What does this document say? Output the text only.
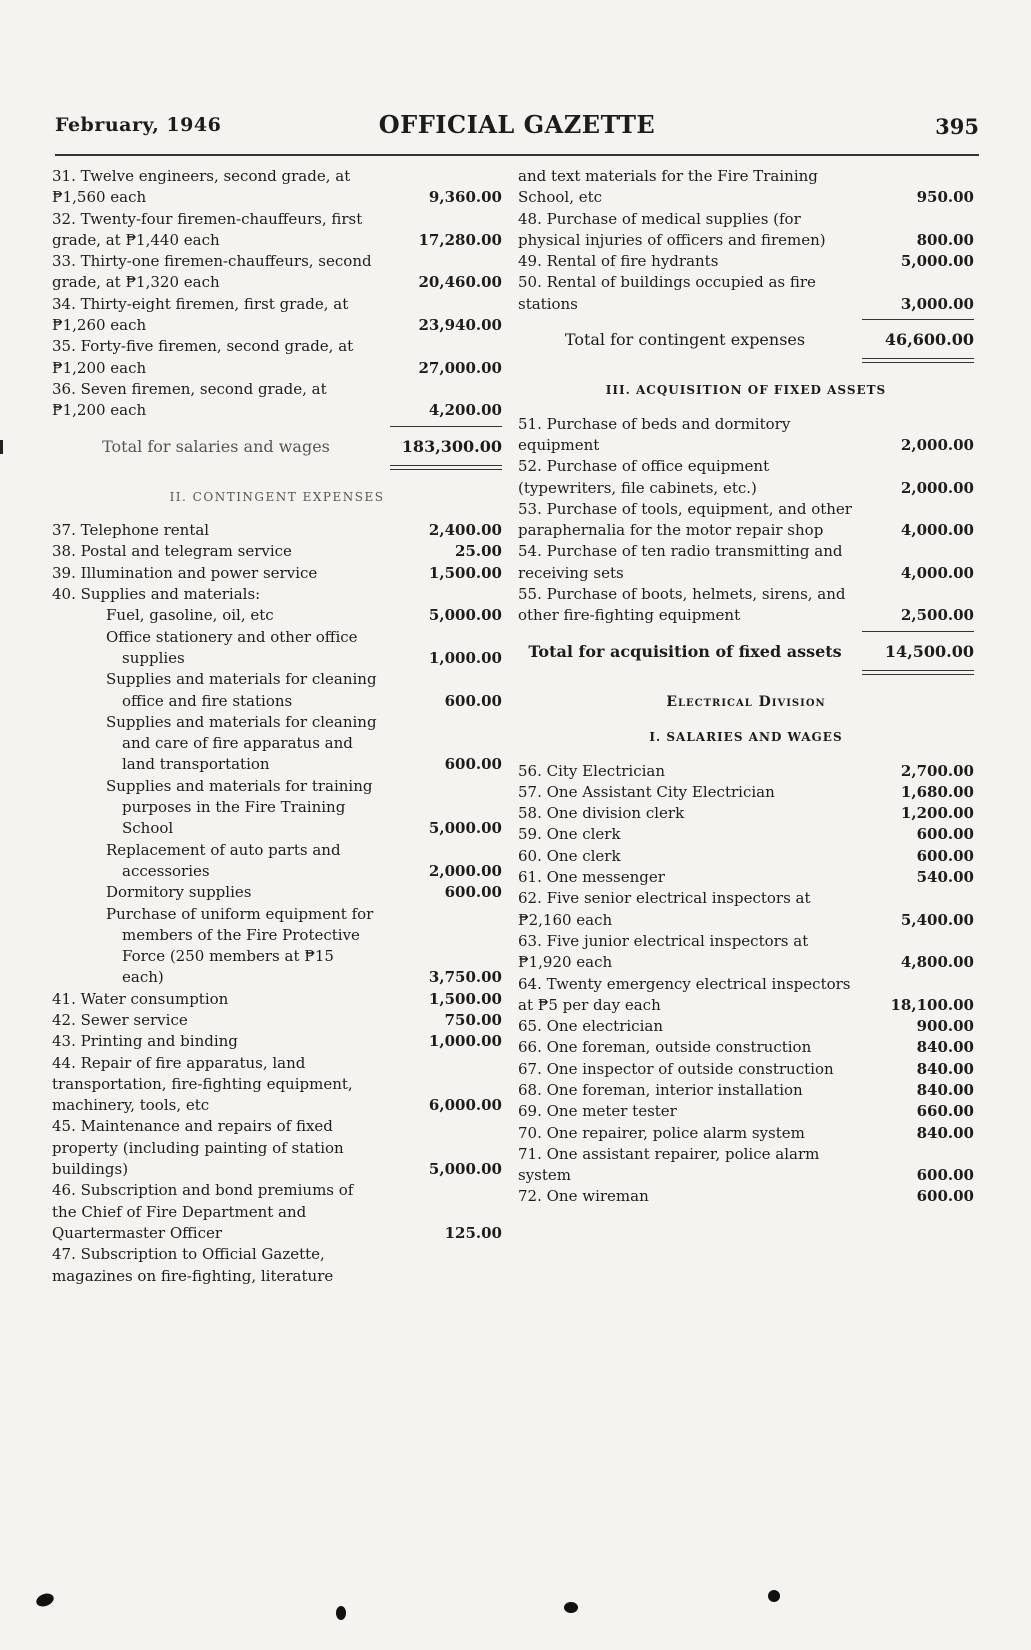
February, 1946	OFFICIAL GAZETTE	395
31. Twelve engineers, second grade, at ₱1,560 each	9,360.00
32. Twenty-four firemen-chauffeurs, first grade, at ₱1,440 each	17,280.00
33. Thirty-one firemen-chauffeurs, second grade, at ₱1,320 each	20,460.00
34. Thirty-eight firemen, first grade, at ₱1,260 each	23,940.00
35. Forty-five firemen, second grade, at ₱1,200 each	27,000.00
36. Seven firemen, second grade, at ₱1,200 each	4,200.00
Total for salaries and wages	183,300.00
II. CONTINGENT EXPENSES
37. Telephone rental	2,400.00
38. Postal and telegram service	25.00
39. Illumination and power service	1,500.00
40. Supplies and materials:
Fuel, gasoline, oil, etc	5,000.00
Office stationery and other office supplies	1,000.00
Supplies and materials for cleaning office and fire stations	600.00
Supplies and materials for cleaning and care of fire apparatus and land transportation	600.00
Supplies and materials for training purposes in the Fire Training School	5,000.00
Replacement of auto parts and accessories	2,000.00
Dormitory supplies	600.00
Purchase of uniform equipment for members of the Fire Protective Force (250 members at ₱15 each)	3,750.00
41. Water consumption	1,500.00
42. Sewer service	750.00
43. Printing and binding	1,000.00
44. Repair of fire apparatus, land transportation, fire-fighting equipment, machinery, tools, etc	6,000.00
45. Maintenance and repairs of fixed property (including painting of station buildings)	5,000.00
46. Subscription and bond premiums of the Chief of Fire Department and Quartermaster Officer	125.00
47. Subscription to Official Gazette, magazines on fire-fighting, literature
and text materials for the Fire Training School, etc	950.00
48. Purchase of medical supplies (for physical injuries of officers and firemen)	800.00
49. Rental of fire hydrants	5,000.00
50. Rental of buildings occupied as fire stations	3,000.00
Total for contingent expenses	46,600.00
III. ACQUISITION OF FIXED ASSETS
51. Purchase of beds and dormitory equipment	2,000.00
52. Purchase of office equipment (typewriters, file cabinets, etc.)	2,000.00
53. Purchase of tools, equipment, and other paraphernalia for the motor repair shop	4,000.00
54. Purchase of ten radio transmitting and receiving sets	4,000.00
55. Purchase of boots, helmets, sirens, and other fire-fighting equipment	2,500.00
Total for acquisition of fixed assets	14,500.00
Electrical Division
I. SALARIES AND WAGES
56. City Electrician	2,700.00
57. One Assistant City Electrician	1,680.00
58. One division clerk	1,200.00
59. One clerk	600.00
60. One clerk	600.00
61. One messenger	540.00
62. Five senior electrical inspectors at ₱2,160 each	5,400.00
63. Five junior electrical inspectors at ₱1,920 each	4,800.00
64. Twenty emergency electrical inspectors at ₱5 per day each	18,100.00
65. One electrician	900.00
66. One foreman, outside construction	840.00
67. One inspector of outside construction	840.00
68. One foreman, interior installation	840.00
69. One meter tester	660.00
70. One repairer, police alarm system	840.00
71. One assistant repairer, police alarm system	600.00
72. One wireman	600.00
